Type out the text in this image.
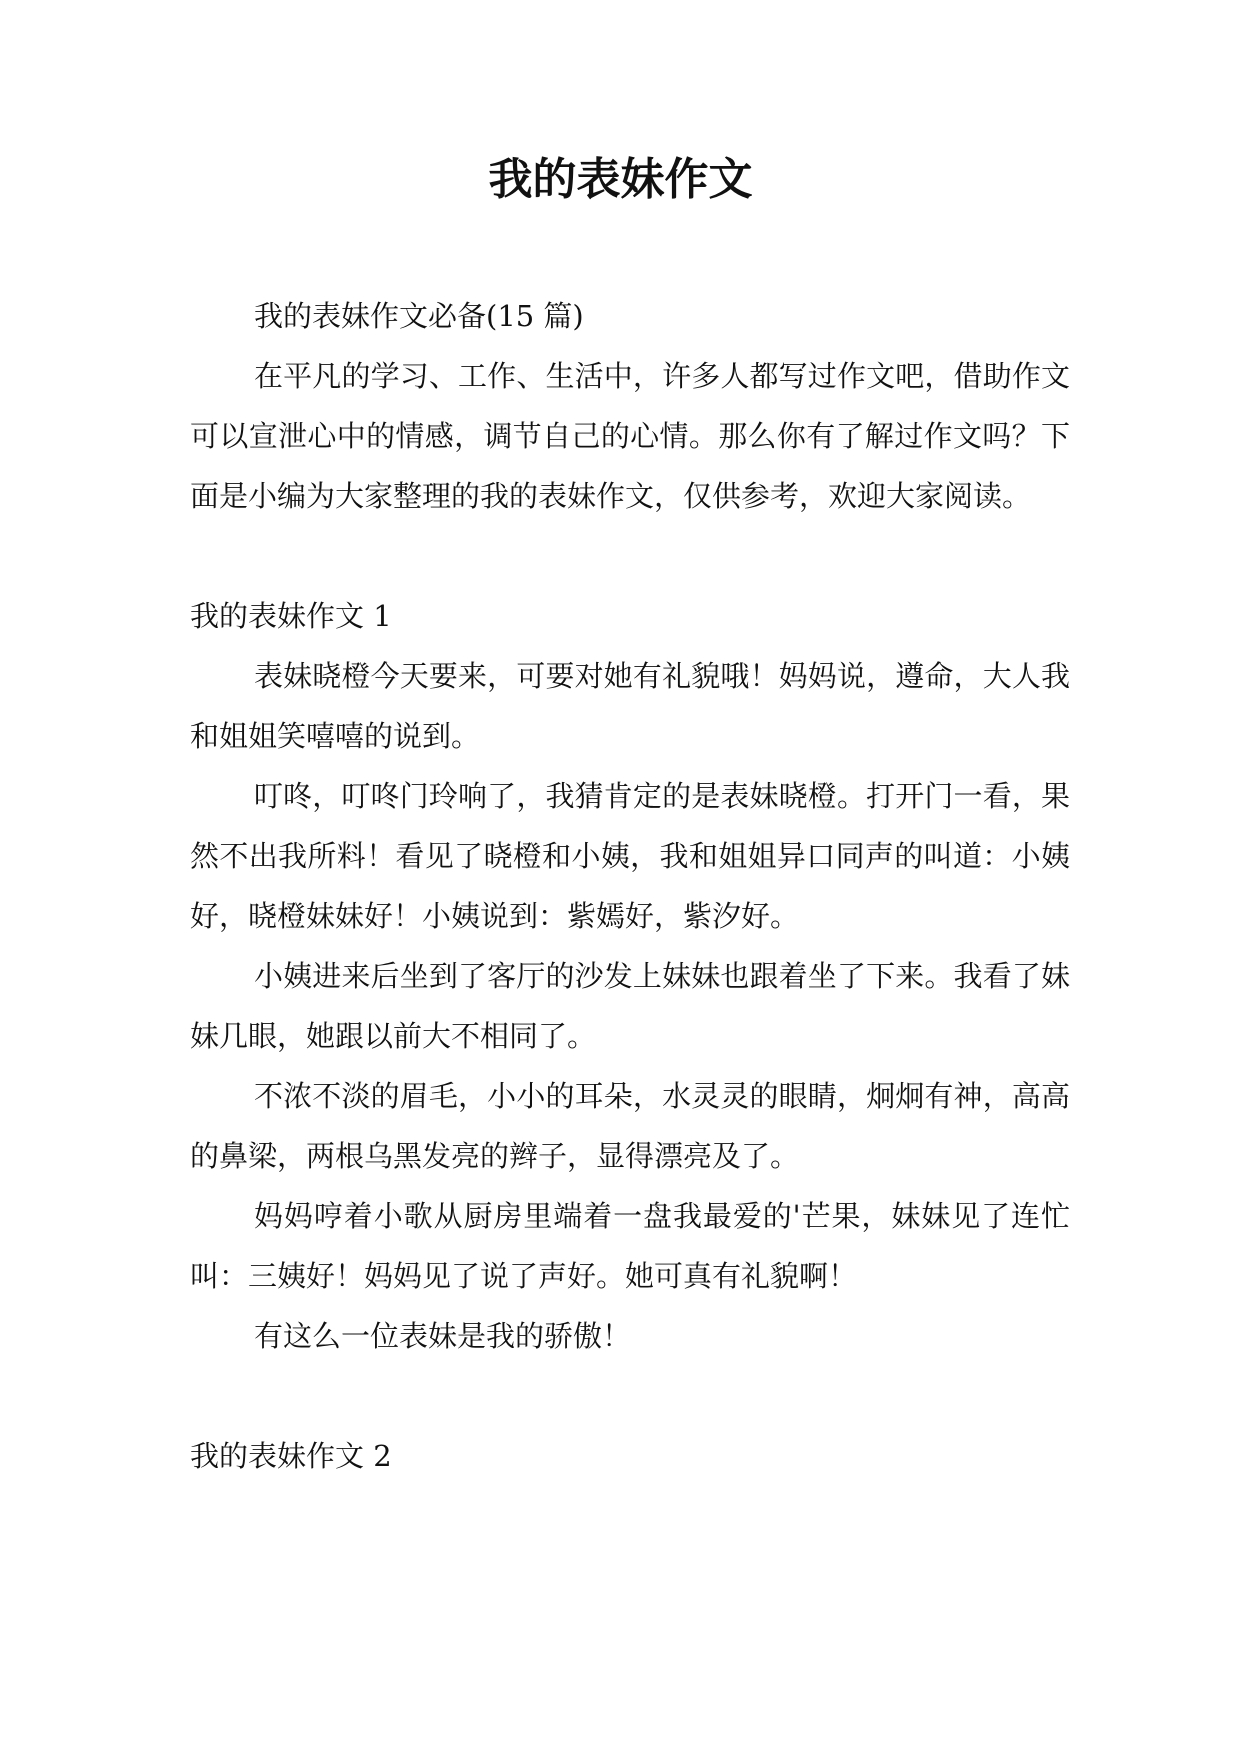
我的表妹作文

我的表妹作文必备(15 篇)

在平凡的学习、工作、生活中，许多人都写过作文吧，借助作文可以宣泄心中的情感，调节自己的心情。那么你有了解过作文吗？下面是小编为大家整理的我的表妹作文，仅供参考，欢迎大家阅读。

我的表妹作文 1

表妹晓橙今天要来，可要对她有礼貌哦！妈妈说，遵命，大人我和姐姐笑嘻嘻的说到。

叮咚，叮咚门玲响了，我猜肯定的是表妹晓橙。打开门一看，果然不出我所料！看见了晓橙和小姨，我和姐姐异口同声的叫道：小姨好，晓橙妹妹好！小姨说到：紫嫣好，紫汐好。

小姨进来后坐到了客厅的沙发上妹妹也跟着坐了下来。我看了妹妹几眼，她跟以前大不相同了。

不浓不淡的眉毛，小小的耳朵，水灵灵的眼睛，炯炯有神，高高的鼻梁，两根乌黑发亮的辫子，显得漂亮及了。

妈妈哼着小歌从厨房里端着一盘我最爱的'芒果，妹妹见了连忙叫：三姨好！妈妈见了说了声好。她可真有礼貌啊！

有这么一位表妹是我的骄傲！

我的表妹作文 2
